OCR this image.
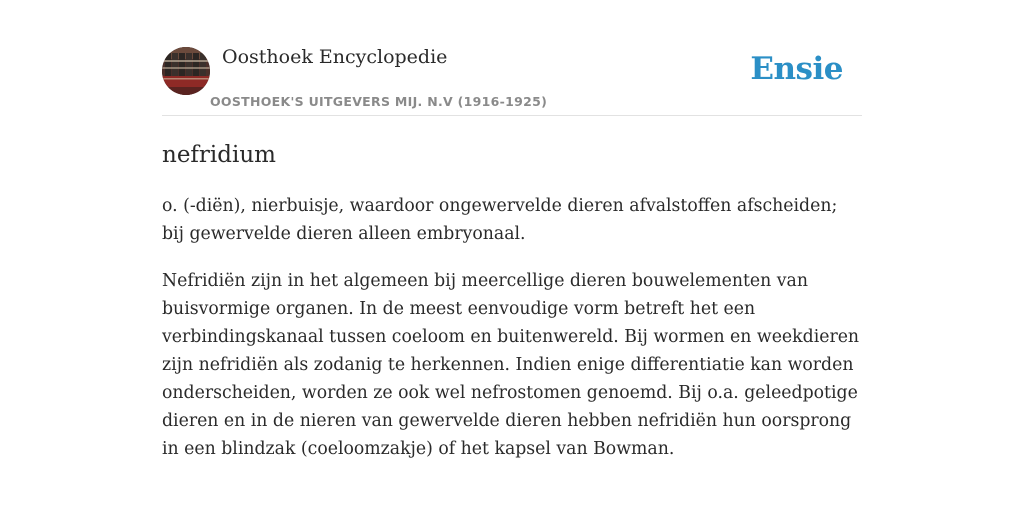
Oosthoek Encyclopedie
OOSTHOEK'S UITGEVERS MIJ. N.V (1916-1925)
Ensie
nefridium

o. (-diën), nierbuisje, waardoor ongewervelde dieren afvalstoffen afscheiden; bij gewervelde dieren alleen embryonaal.

Nefridiën zijn in het algemeen bij meercellige dieren bouwelementen van buisvormige organen. In de meest eenvoudige vorm betreft het een verbindingskanaal tussen coeloom en buitenwereld. Bij wormen en weekdieren zijn nefridiën als zodanig te herkennen. Indien enige differentiatie kan worden onderscheiden, worden ze ook wel nefrostomen genoemd. Bij o.a. geleedpotige dieren en in de nieren van gewervelde dieren hebben nefridiën hun oorsprong in een blindzak (coeloomzakje) of het kapsel van Bowman.
